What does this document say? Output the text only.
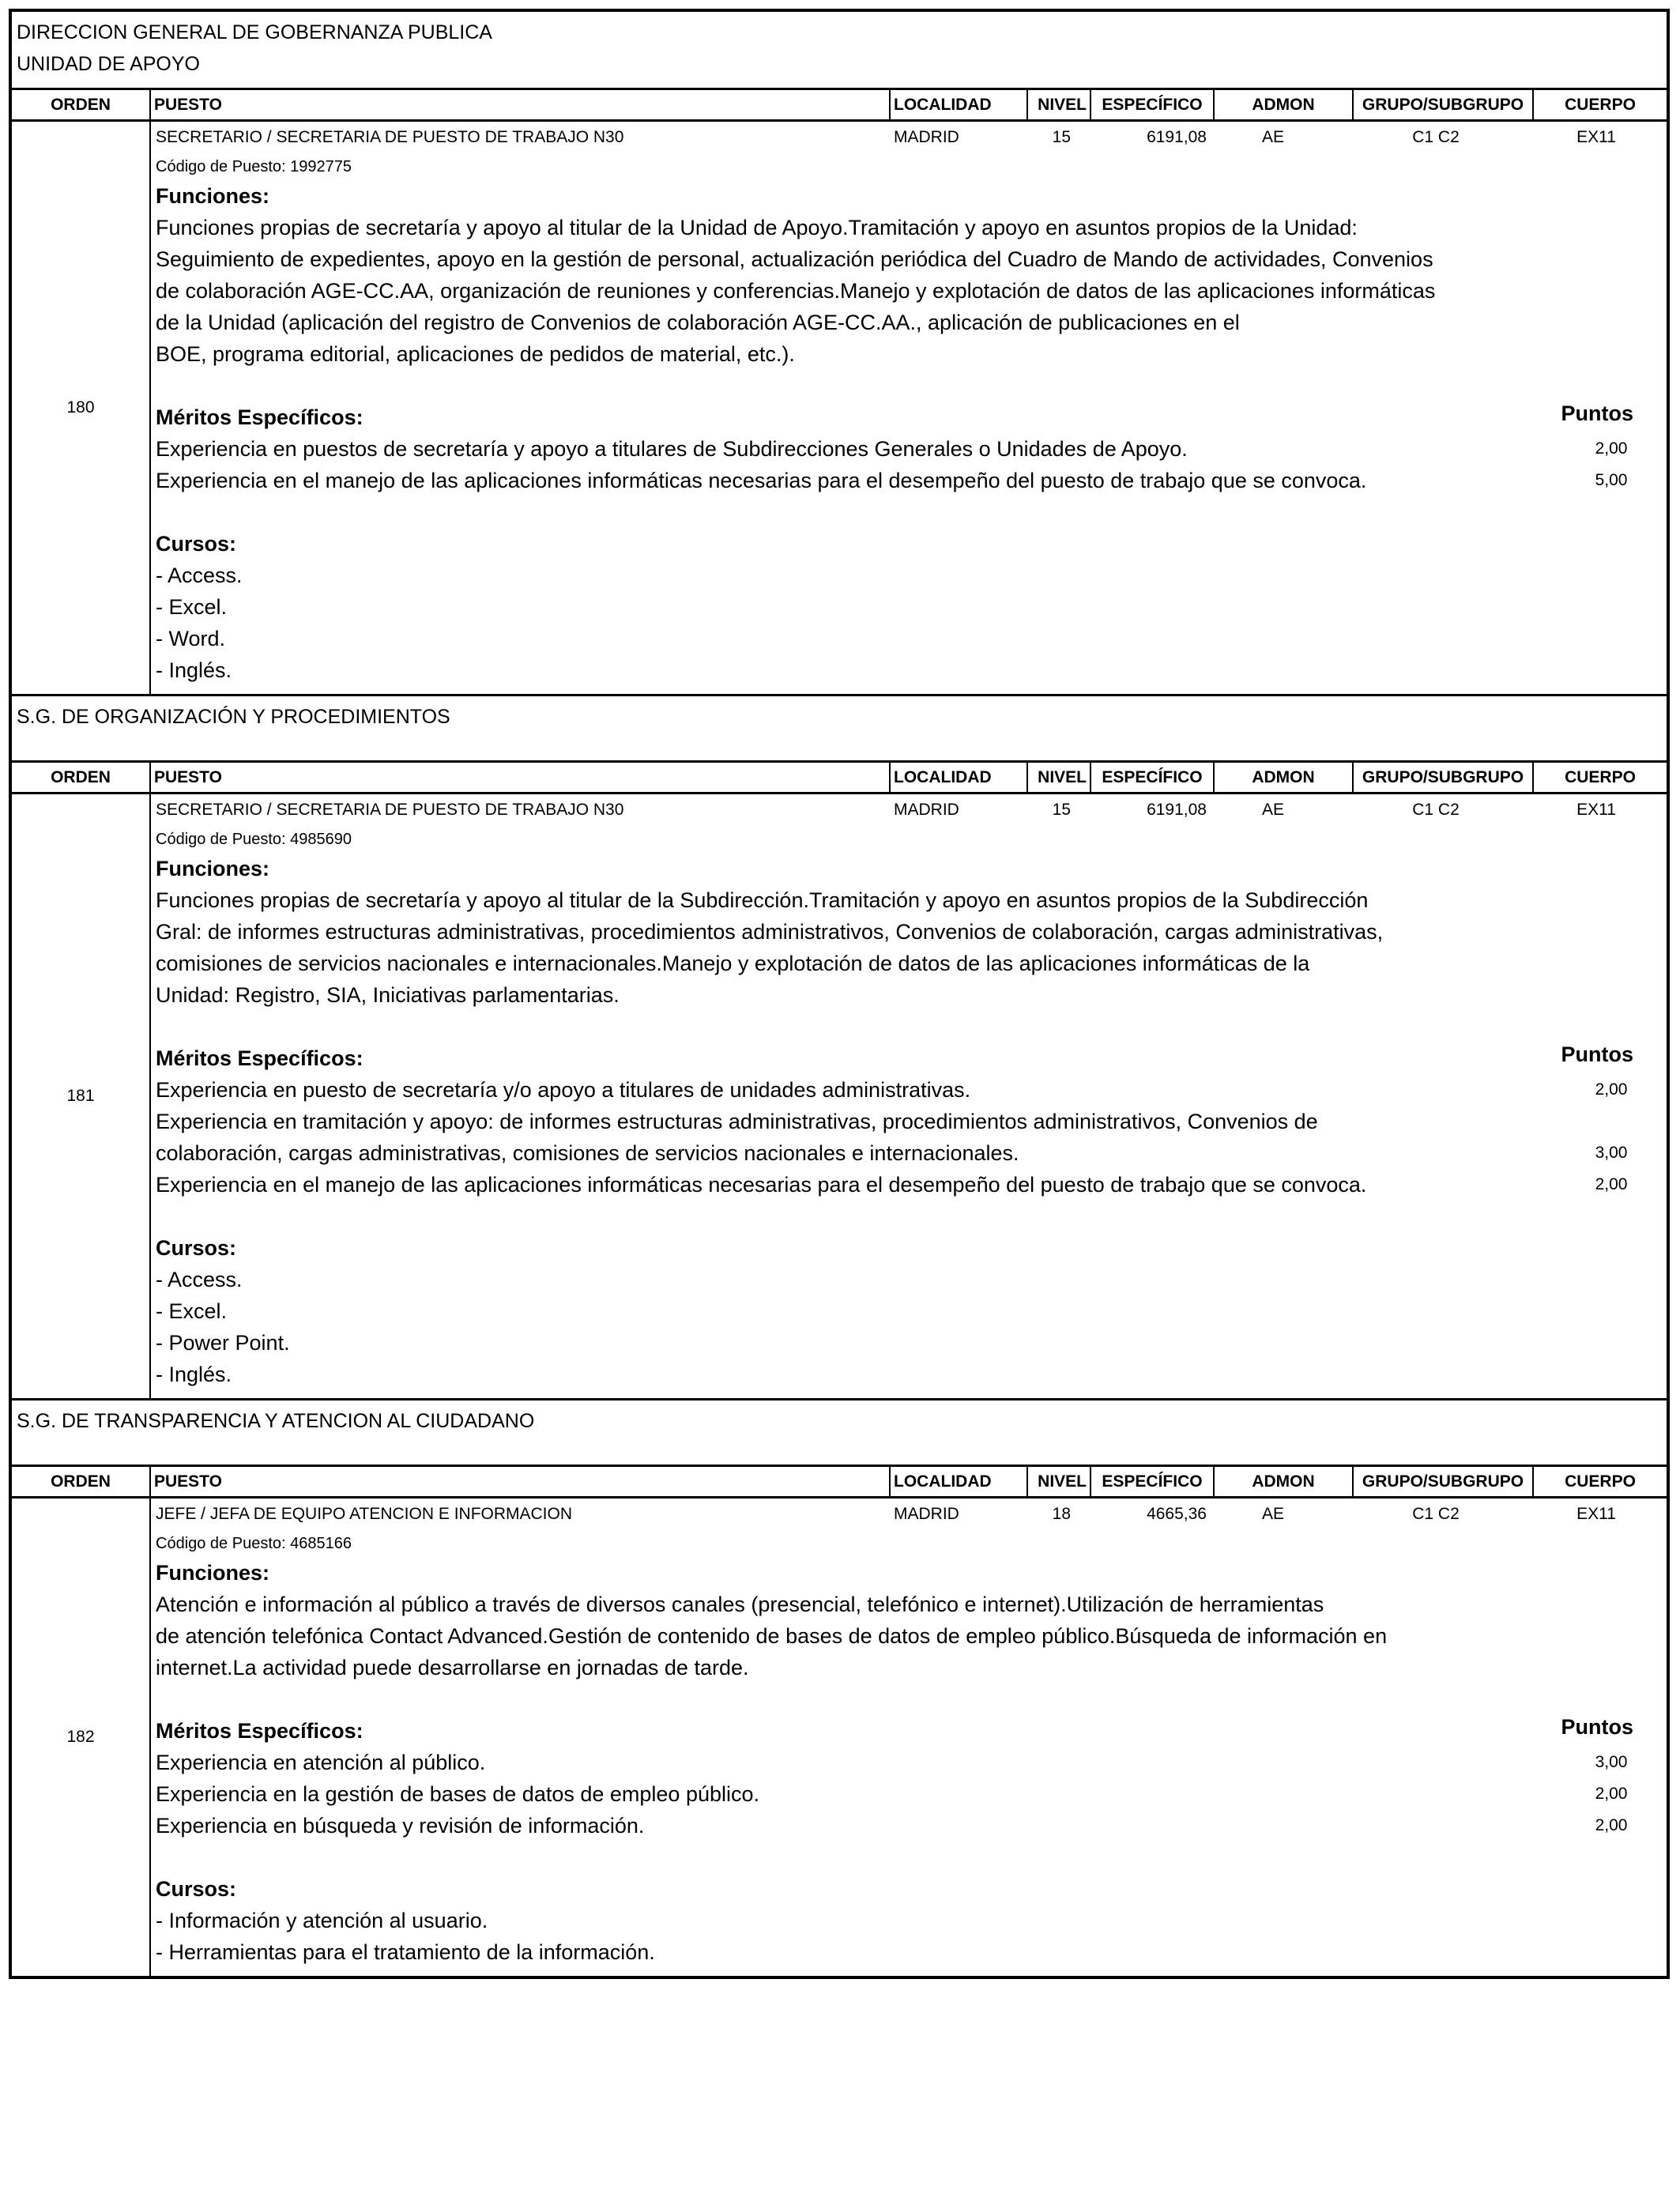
DIRECCION GENERAL DE GOBERNANZA PUBLICA
UNIDAD DE APOYO
ORDEN	PUESTO	LOCALIDAD	NIVEL ESPECÍFICO	ADMON	GRUPO/SUBGRUPO	CUERPO
180
SECRETARIO / SECRETARIA DE PUESTO DE TRABAJO N30	MADRID	15	6191,08	AE	C1 C2	EX11
Código de Puesto: 1992775
Funciones:
Funciones propias de secretaría y apoyo al titular de la Unidad de Apoyo.Tramitación y apoyo en asuntos propios de la Unidad:
Seguimiento de expedientes, apoyo en la gestión de personal, actualización periódica del Cuadro de Mando de actividades, Convenios
de colaboración AGE-CC.AA, organización de reuniones y conferencias.Manejo y explotación de datos de las aplicaciones informáticas
de la Unidad (aplicación del registro de Convenios de colaboración AGE-CC.AA., aplicación de publicaciones en el
BOE, programa editorial, aplicaciones de pedidos de material, etc.).
Méritos Específicos:	Puntos
Experiencia en puestos de secretaría y apoyo a titulares de Subdirecciones Generales o Unidades de Apoyo.	2,00
Experiencia en el manejo de las aplicaciones informáticas necesarias para el desempeño del puesto de trabajo que se convoca.	5,00
Cursos:
- Access.
- Excel.
- Word.
- Inglés.
S.G. DE ORGANIZACIÓN Y PROCEDIMIENTOS
ORDEN	PUESTO	LOCALIDAD	NIVEL ESPECÍFICO	ADMON	GRUPO/SUBGRUPO	CUERPO
181
SECRETARIO / SECRETARIA DE PUESTO DE TRABAJO N30	MADRID	15	6191,08	AE	C1 C2	EX11
Código de Puesto: 4985690
Funciones:
Funciones propias de secretaría y apoyo al titular de la Subdirección.Tramitación y apoyo en asuntos propios de la Subdirección
Gral: de informes estructuras administrativas, procedimientos administrativos, Convenios de colaboración, cargas administrativas,
comisiones de servicios nacionales e internacionales.Manejo y explotación de datos de las aplicaciones informáticas de la
Unidad: Registro, SIA, Iniciativas parlamentarias.
Méritos Específicos:	Puntos
Experiencia en puesto de secretaría y/o apoyo a titulares de unidades administrativas.	2,00
Experiencia en tramitación y apoyo: de informes estructuras administrativas, procedimientos administrativos, Convenios de
colaboración, cargas administrativas, comisiones de servicios nacionales e internacionales.	3,00
Experiencia en el manejo de las aplicaciones informáticas necesarias para el desempeño del puesto de trabajo que se convoca.	2,00
Cursos:
- Access.
- Excel.
- Power Point.
- Inglés.
S.G. DE TRANSPARENCIA Y ATENCION AL CIUDADANO
ORDEN	PUESTO	LOCALIDAD	NIVEL ESPECÍFICO	ADMON	GRUPO/SUBGRUPO	CUERPO
182
JEFE / JEFA DE EQUIPO ATENCION E INFORMACION	MADRID	18	4665,36	AE	C1 C2	EX11
Código de Puesto: 4685166
Funciones:
Atención e información al público a través de diversos canales (presencial, telefónico e internet).Utilización de herramientas
de atención telefónica Contact Advanced.Gestión de contenido de bases de datos de empleo público.Búsqueda de información en
internet.La actividad puede desarrollarse en jornadas de tarde.
Méritos Específicos:	Puntos
Experiencia en atención al público.	3,00
Experiencia en la gestión de bases de datos de empleo público.	2,00
Experiencia en búsqueda y revisión de información.	2,00
Cursos:
- Información y atención al usuario.
- Herramientas para el tratamiento de la información.
